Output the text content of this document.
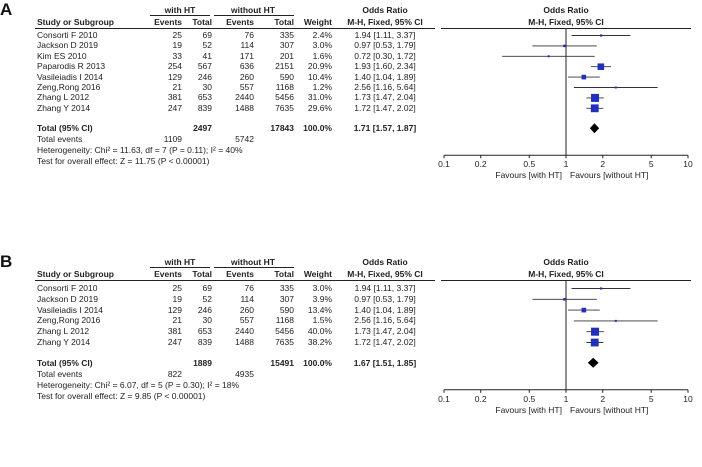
A	with HT	without HT	Odds Ratio	Odds Ratio
Study or Subgroup	Events	Total	Events	Total	Weight	M-H, Fixed, 95% CI	M-H, Fixed, 95% CI
Consorti F 2010	25	69	76	335	2.4%	1.94 [1.11, 3.37]
Jackson D 2019	19	52	114	307	3.0%	0.97 [0.53, 1.79]
Kim ES 2010	33	41	171	201	1.6%	0.72 [0.30, 1.72]
Paparodis R 2013	254	567	636	2151	20.9%	1.93 [1.60, 2.34]
Vasileiadis I 2014	129	246	260	590	10.4%	1.40 [1.04, 1.89]
Zeng,Rong 2016	21	30	557	1168	1.2%	2.56 [1.16, 5.64]
Zhang L 2012	381	653	2440	5456	31.0%	1.73 [1.47, 2.04]
Zhang Y 2014	247	839	1488	7635	29.6%	1.72 [1.47, 2.02]
Total (95% CI)	2497	17843	100.0%	1.71 [1.57, 1.87]
Total events	1109	5742
Heterogeneity: Chi² = 11.63, df = 7 (P = 0.11); I² = 40%
Test for overall effect: Z = 11.75 (P < 0.00001)	0.1	0.2	0.5	1	2	5	10
Favours [with HT] Favours [without HT]
B	with HT	without HT	Odds Ratio	Odds Ratio
Study or Subgroup	Events	Total	Events	Total	Weight	M-H, Fixed, 95% CI	M-H, Fixed, 95% CI
Consorti F 2010	25	69	76	335	3.0%	1.94 [1.11, 3.37]
Jackson D 2019	19	52	114	307	3.9%	0.97 [0.53, 1.79]
Vasileiadis I 2014	129	246	260	590	13.4%	1.40 [1.04, 1.89]
Zeng,Rong 2016	21	30	557	1168	1.5%	2.56 [1.16, 5.64]
Zhang L 2012	381	653	2440	5456	40.0%	1.73 [1.47, 2.04]
Zhang Y 2014	247	839	1488	7635	38.2%	1.72 [1.47, 2.02]
Total (95% CI)	1889	15491	100.0%	1.67 [1.51, 1.85]
Total events	822	4935
Heterogeneity: Chi² = 6.07, df = 5 (P = 0.30); I² = 18%
Test for overall effect: Z = 9.85 (P < 0.00001)	0.1	0.2	0.5	1	2	5	10
Favours [with HT] Favours [without HT]
